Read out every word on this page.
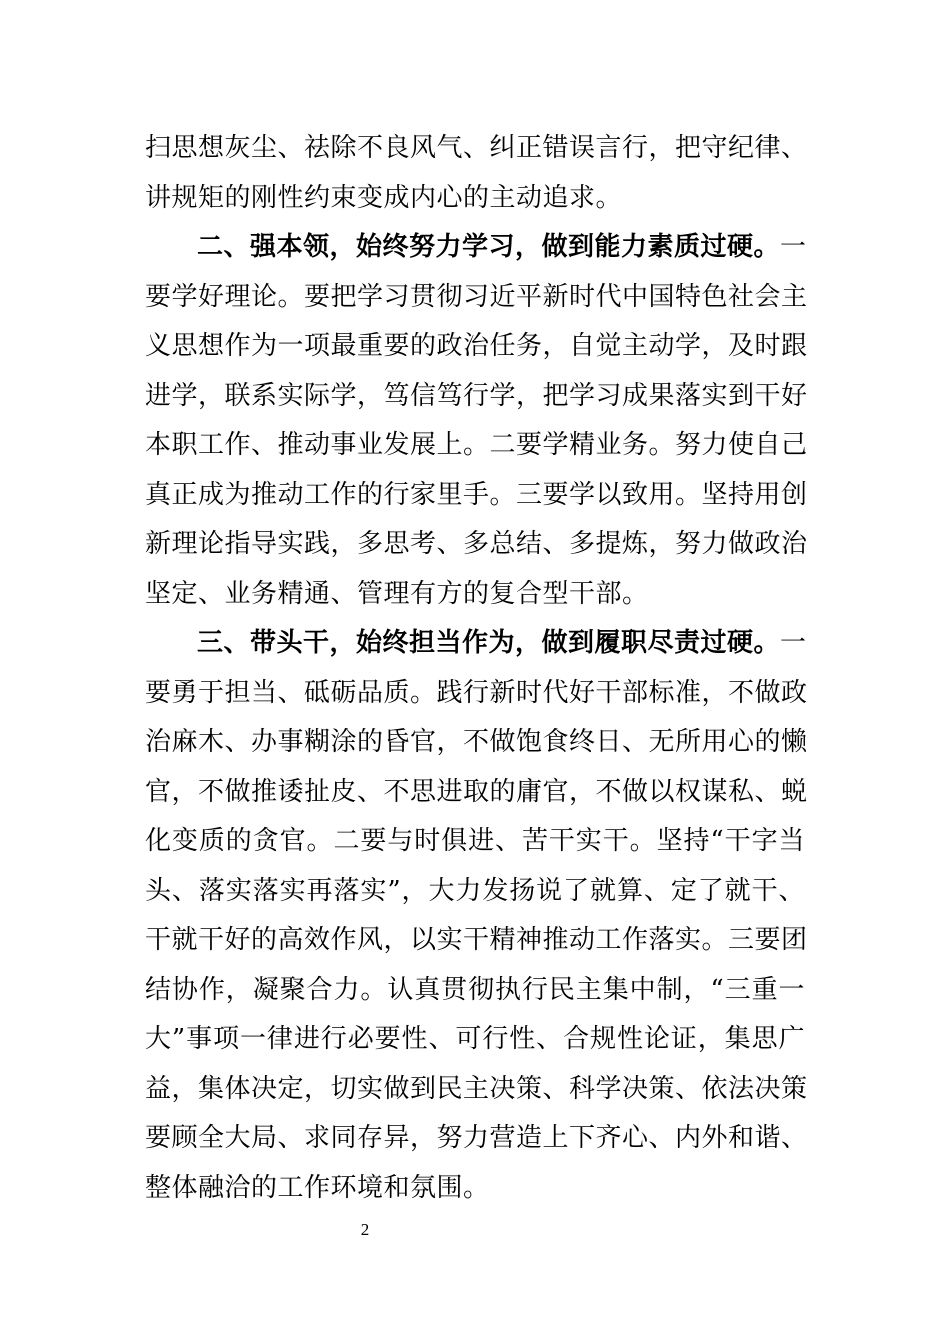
扫思想灰尘、祛除不良风气、纠正错误言行，把守纪律、
讲规矩的刚性约束变成内心的主动追求。
二、强本领，始终努力学习，做到能力素质过硬。一
要学好理论。要把学习贯彻习近平新时代中国特色社会主
义思想作为一项最重要的政治任务，自觉主动学，及时跟
进学，联系实际学，笃信笃行学，把学习成果落实到干好
本职工作、推动事业发展上。二要学精业务。努力使自己
真正成为推动工作的行家里手。三要学以致用。坚持用创
新理论指导实践，多思考、多总结、多提炼，努力做政治
坚定、业务精通、管理有方的复合型干部。
三、带头干，始终担当作为，做到履职尽责过硬。一
要勇于担当、砥砺品质。践行新时代好干部标准，不做政
治麻木、办事糊涂的昏官，不做饱食终日、无所用心的懒
官，不做推诿扯皮、不思进取的庸官，不做以权谋私、蜕
化变质的贪官。二要与时俱进、苦干实干。坚持“干字当
头、落实落实再落实”，大力发扬说了就算、定了就干、
干就干好的高效作风，以实干精神推动工作落实。三要团
结协作，凝聚合力。认真贯彻执行民主集中制，“三重一
大”事项一律进行必要性、可行性、合规性论证，集思广
益，集体决定，切实做到民主决策、科学决策、依法决策
要顾全大局、求同存异，努力营造上下齐心、内外和谐、
整体融洽的工作环境和氛围。
2
